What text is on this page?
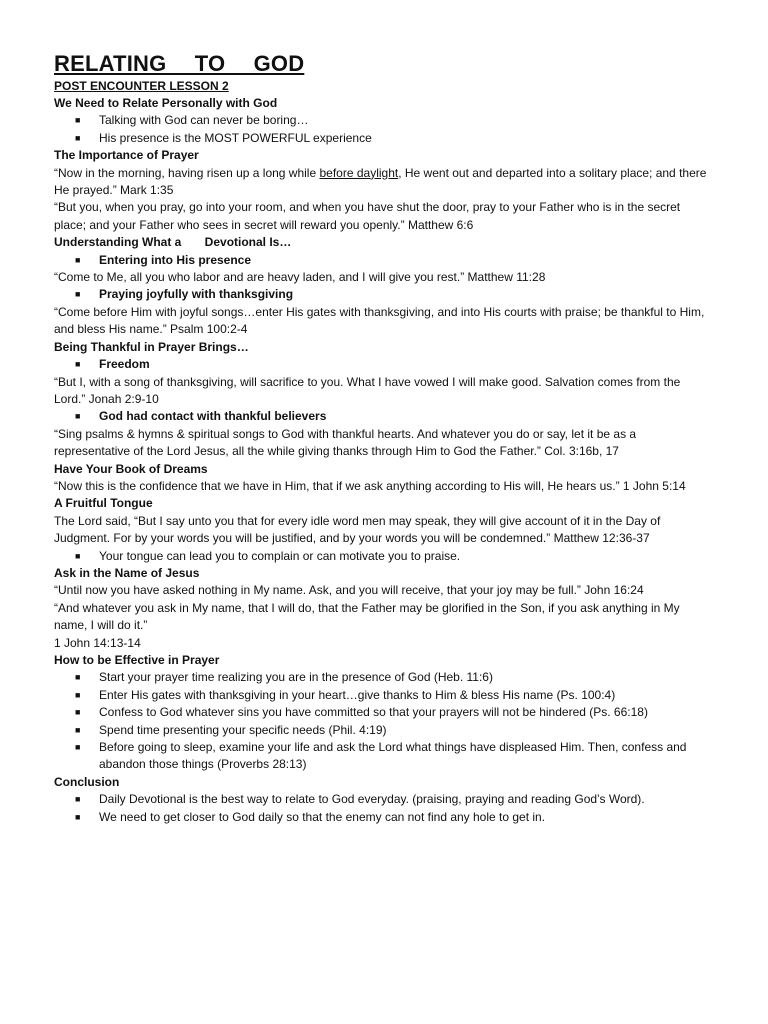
RELATING TO GOD
POST ENCOUNTER LESSON 2
We Need to Relate Personally with God
■ Talking with God can never be boring…
■ His presence is the MOST POWERFUL experience
The Importance of Prayer
“Now in the morning, having risen up a long while before daylight, He went out and departed into a solitary place; and there He prayed.” Mark 1:35
“But you, when you pray, go into your room, and when you have shut the door, pray to your Father who is in the secret place; and your Father who sees in secret will reward you openly.” Matthew 6:6
Understanding What a       Devotional Is…
■ Entering into His presence
“Come to Me, all you who labor and are heavy laden, and I will give you rest.” Matthew 11:28
■ Praying joyfully with thanksgiving
“Come before Him with joyful songs…enter His gates with thanksgiving, and into His courts with praise; be thankful to Him, and bless His name.” Psalm 100:2-4
Being Thankful in Prayer Brings…
■ Freedom
“But I, with a song of thanksgiving, will sacrifice to you. What I have vowed I will make good. Salvation comes from the Lord.” Jonah 2:9-10
■ God had contact with thankful believers
“Sing psalms & hymns & spiritual songs to God with thankful hearts. And whatever you do or say, let it be as a representative of the Lord Jesus, all the while giving thanks through Him to God the Father.” Col. 3:16b, 17
Have Your Book of Dreams
“Now this is the confidence that we have in Him, that if we ask anything according to His will, He hears us.” 1 John 5:14
A Fruitful Tongue
The Lord said, “But I say unto you that for every idle word men may speak, they will give account of it in the Day of Judgment. For by your words you will be justified, and by your words you will be condemned.” Matthew 12:36-37
■ Your tongue can lead you to complain or can motivate you to praise.
Ask in the Name of Jesus
“Until now you have asked nothing in My name. Ask, and you will receive, that your joy may be full.” John 16:24
“And whatever you ask in My name, that I will do, that the Father may be glorified in the Son, if you ask anything in My name, I will do it.”
1 John 14:13-14
How to be Effective in Prayer
■ Start your prayer time realizing you are in the presence of God (Heb. 11:6)
■ Enter His gates with thanksgiving in your heart…give thanks to Him & bless His name (Ps. 100:4)
■ Confess to God whatever sins you have committed so that your prayers will not be hindered (Ps. 66:18)
■ Spend time presenting your specific needs (Phil. 4:19)
■ Before going to sleep, examine your life and ask the Lord what things have displeased Him. Then, confess and abandon those things (Proverbs 28:13)
Conclusion
■ Daily Devotional is the best way to relate to God everyday. (praising, praying and reading God’s Word).
■ We need to get closer to God daily so that the enemy can not find any hole to get in.
